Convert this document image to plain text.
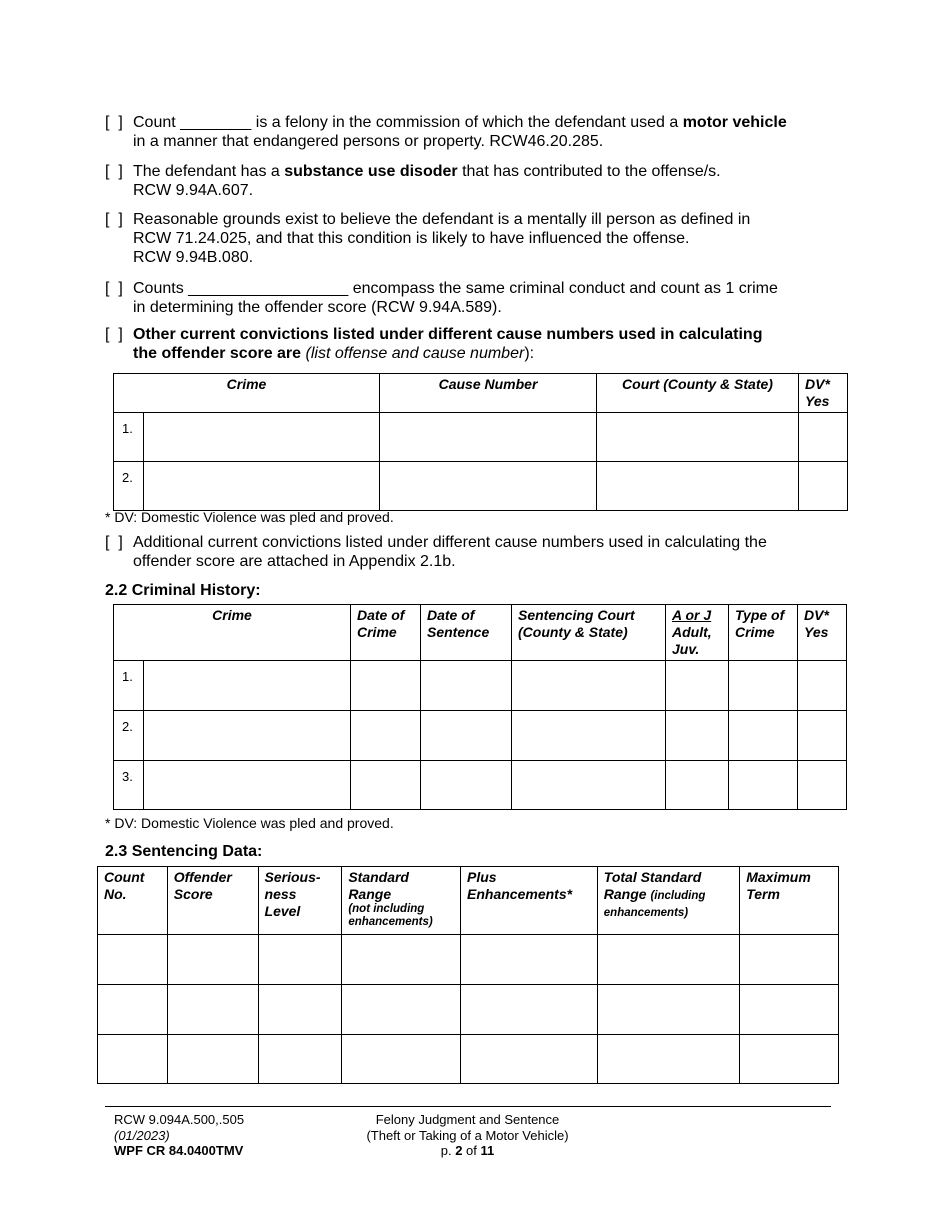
[  ] Count ________ is a felony in the commission of which the defendant used a motor vehicle
in a manner that endangered persons or property. RCW46.20.285.
[  ] The defendant has a substance use disoder that has contributed to the offense/s.
RCW 9.94A.607.
[  ] Reasonable grounds exist to believe the defendant is a mentally ill person as defined in
RCW 71.24.025, and that this condition is likely to have influenced the offense.
RCW 9.94B.080.
[  ] Counts __________________ encompass the same criminal conduct and count as 1 crime
in determining the offender score (RCW 9.94A.589).
[  ] Other current convictions listed under different cause numbers used in calculating
the offender score are (list offense and cause number):
Crime		Cause Number	Court (County & State)	DV* Yes
1.				
2.				
* DV: Domestic Violence was pled and proved.
[  ] Additional current convictions listed under different cause numbers used in calculating the
offender score are attached in Appendix 2.1b.
2.2 Criminal History:
Crime		Date of Crime	Date of Sentence	Sentencing Court (County & State)	A or J
Adult, Juv.	Type of Crime	DV* Yes
1.							
2.							
3.							
* DV: Domestic Violence was pled and proved.
2.3 Sentencing Data:
Count No.	Offender Score	Serious-ness Level	Standard Range
(not including enhancements)	Plus Enhancements*	Total Standard Range (including enhancements)	Maximum Term

RCW 9.094A.500,.505
(01/2023)
WPF CR 84.0400TMV
Felony Judgment and Sentence
(Theft or Taking of a Motor Vehicle)
p. 2 of 11
